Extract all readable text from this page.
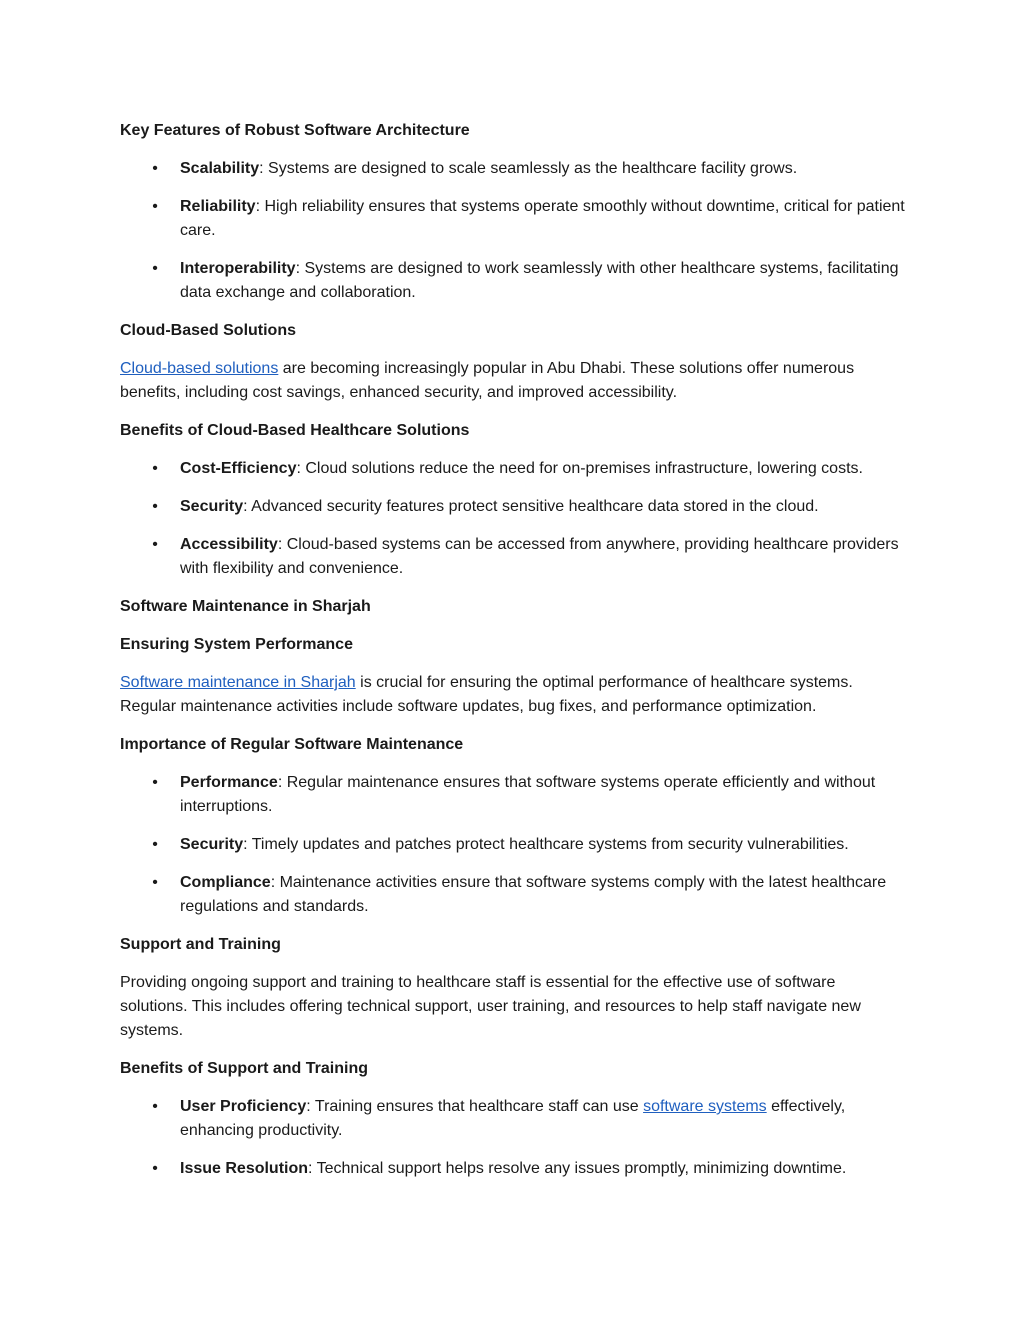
Key Features of Robust Software Architecture
• Scalability: Systems are designed to scale seamlessly as the healthcare facility grows.
• Reliability: High reliability ensures that systems operate smoothly without downtime, critical for patient care.
• Interoperability: Systems are designed to work seamlessly with other healthcare systems, facilitating data exchange and collaboration.
Cloud-Based Solutions

Cloud-based solutions are becoming increasingly popular in Abu Dhabi. These solutions offer numerous benefits, including cost savings, enhanced security, and improved accessibility.

Benefits of Cloud-Based Healthcare Solutions
• Cost-Efficiency: Cloud solutions reduce the need for on-premises infrastructure, lowering costs.
• Security: Advanced security features protect sensitive healthcare data stored in the cloud.
• Accessibility: Cloud-based systems can be accessed from anywhere, providing healthcare providers with flexibility and convenience.
Software Maintenance in Sharjah
Ensuring System Performance

Software maintenance in Sharjah is crucial for ensuring the optimal performance of healthcare systems. Regular maintenance activities include software updates, bug fixes, and performance optimization.

Importance of Regular Software Maintenance
• Performance: Regular maintenance ensures that software systems operate efficiently and without interruptions.
• Security: Timely updates and patches protect healthcare systems from security vulnerabilities.
• Compliance: Maintenance activities ensure that software systems comply with the latest healthcare regulations and standards.
Support and Training

Providing ongoing support and training to healthcare staff is essential for the effective use of software solutions. This includes offering technical support, user training, and resources to help staff navigate new systems.

Benefits of Support and Training
• User Proficiency: Training ensures that healthcare staff can use software systems effectively, enhancing productivity.
• Issue Resolution: Technical support helps resolve any issues promptly, minimizing downtime.
